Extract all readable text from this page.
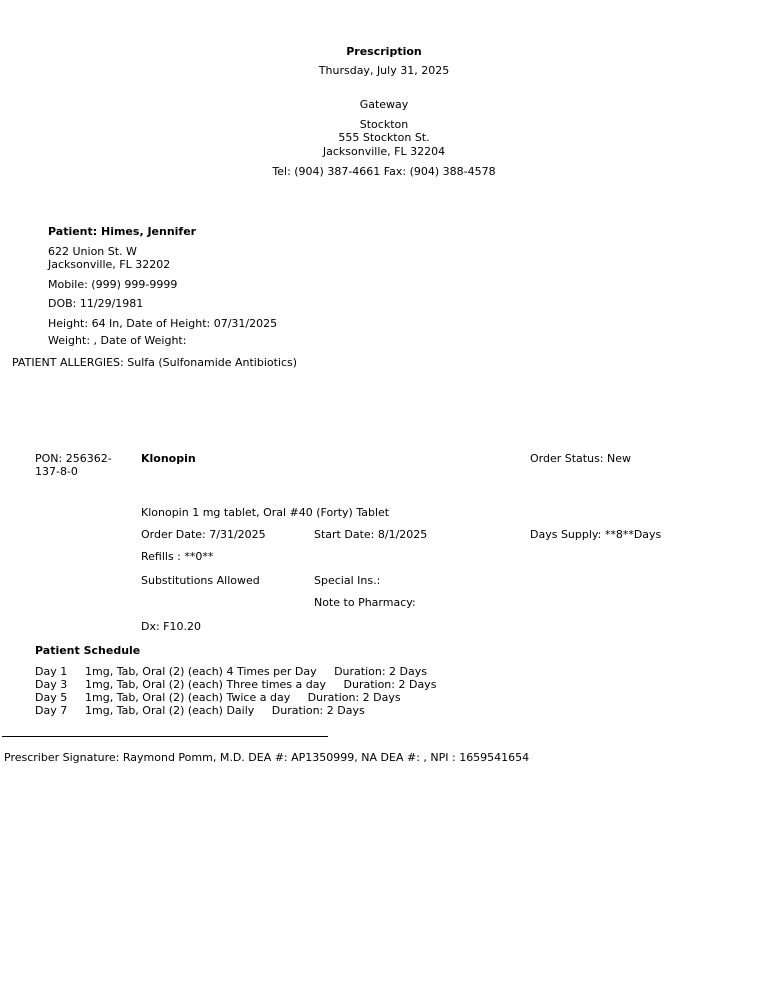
Prescription
Thursday, July 31, 2025
Gateway
Stockton
555 Stockton St.
Jacksonville, FL 32204
Tel: (904) 387-4661 Fax: (904) 388-4578
Patient: Himes, Jennifer
622 Union St. W
Jacksonville, FL 32202
Mobile: (999) 999-9999
DOB: 11/29/1981
Height: 64 In, Date of Height: 07/31/2025
Weight: , Date of Weight:
PATIENT ALLERGIES: Sulfa (Sulfonamide Antibiotics)
PON: 256362-137-8-0
Klonopin	Order Status: New
Klonopin 1 mg tablet, Oral #40 (Forty) Tablet
Order Date: 7/31/2025	Start Date: 8/1/2025	Days Supply: **8**Days
Refills : **0**
Substitutions Allowed	Special Ins.:
Note to Pharmacy:
Dx: F10.20
Patient Schedule
Day 1 1mg, Tab, Oral (2) (each) 4 Times per Day     Duration: 2 Days
Day 3 1mg, Tab, Oral (2) (each) Three times a day     Duration: 2 Days
Day 5 1mg, Tab, Oral (2) (each) Twice a day     Duration: 2 Days
Day 7 1mg, Tab, Oral (2) (each) Daily     Duration: 2 Days
Prescriber Signature: Raymond Pomm, M.D. DEA #: AP1350999, NA DEA #: , NPI : 1659541654
